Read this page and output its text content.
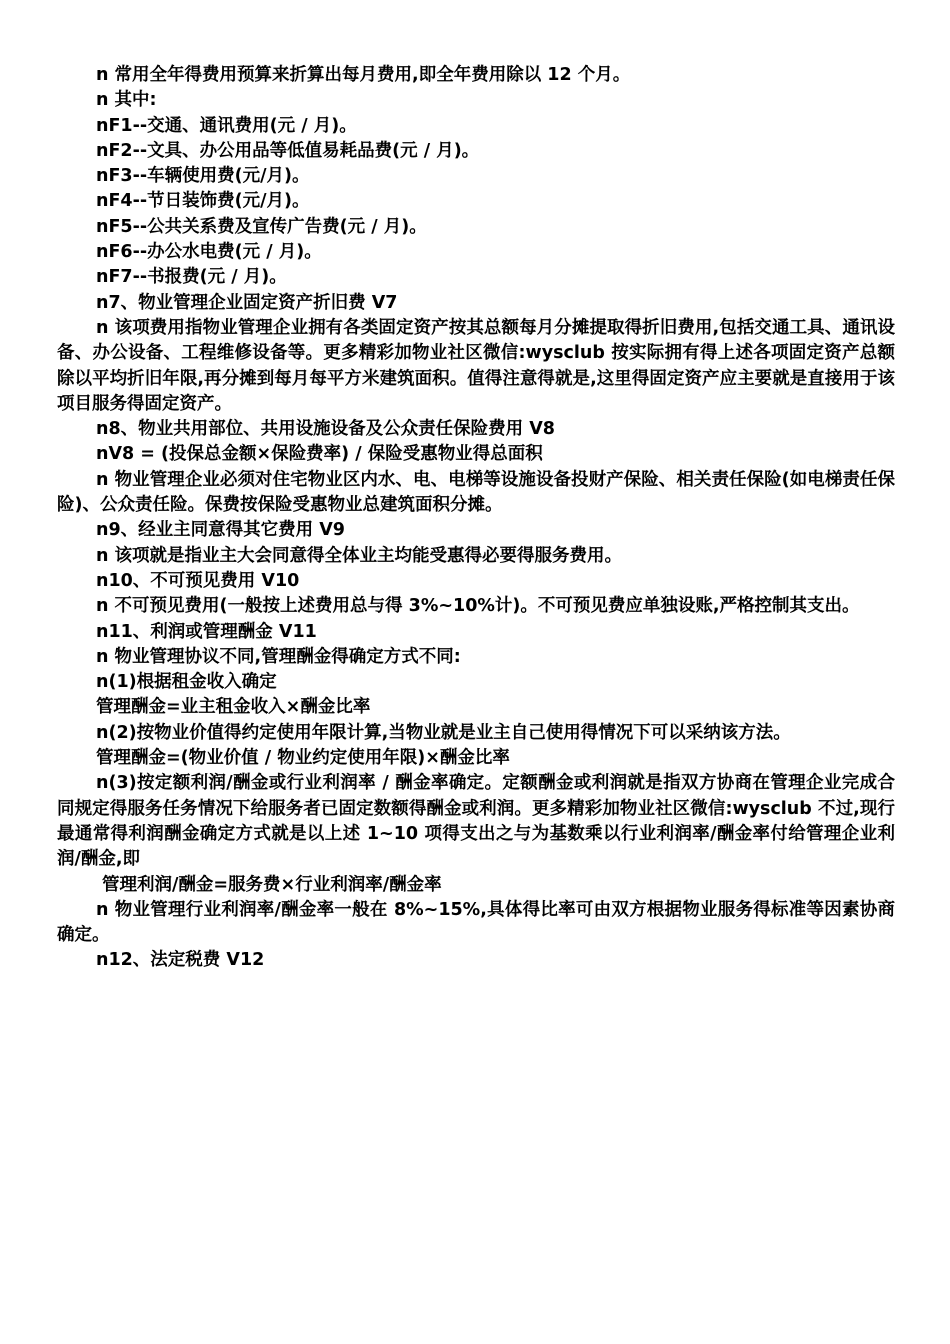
n 常用全年得费用预算来折算出每月费用,即全年费用除以 12 个月。

n 其中:

nF1--交通、通讯费用(元 / 月)。

nF2--文具、办公用品等低值易耗品费(元 / 月)。

nF3--车辆使用费(元/月)。

nF4--节日装饰费(元/月)。

nF5--公共关系费及宣传广告费(元 / 月)。

nF6--办公水电费(元 / 月)。

nF7--书报费(元 / 月)。

n7、物业管理企业固定资产折旧费 V7

n 该项费用指物业管理企业拥有各类固定资产按其总额每月分摊提取得折旧费用,包括交通工具、通讯设备、办公设备、工程维修设备等。更多精彩加物业社区微信:wysclub 按实际拥有得上述各项固定资产总额除以平均折旧年限,再分摊到每月每平方米建筑面积。值得注意得就是,这里得固定资产应主要就是直接用于该项目服务得固定资产。

n8、物业共用部位、共用设施设备及公众责任保险费用 V8

nV8 = (投保总金额×保险费率) / 保险受惠物业得总面积

n 物业管理企业必须对住宅物业区内水、电、电梯等设施设备投财产保险、相关责任保险(如电梯责任保险)、公众责任险。保费按保险受惠物业总建筑面积分摊。

n9、经业主同意得其它费用 V9

n 该项就是指业主大会同意得全体业主均能受惠得必要得服务费用。

n10、不可预见费用 V10

n 不可预见费用(一般按上述费用总与得 3%~10%计)。不可预见费应单独设账,严格控制其支出。

n11、利润或管理酬金 V11

n 物业管理协议不同,管理酬金得确定方式不同:

n(1)根据租金收入确定

管理酬金=业主租金收入×酬金比率

n(2)按物业价值得约定使用年限计算,当物业就是业主自己使用得情况下可以采纳该方法。

管理酬金=(物业价值 / 物业约定使用年限)×酬金比率

n(3)按定额利润/酬金或行业利润率 / 酬金率确定。定额酬金或利润就是指双方协商在管理企业完成合同规定得服务任务情况下给服务者已固定数额得酬金或利润。更多精彩加物业社区微信:wysclub 不过,现行最通常得利润酬金确定方式就是以上述 1~10 项得支出之与为基数乘以行业利润率/酬金率付给管理企业利润/酬金,即

管理利润/酬金=服务费×行业利润率/酬金率

n 物业管理行业利润率/酬金率一般在 8%~15%,具体得比率可由双方根据物业服务得标准等因素协商确定。

n12、法定税费 V12
